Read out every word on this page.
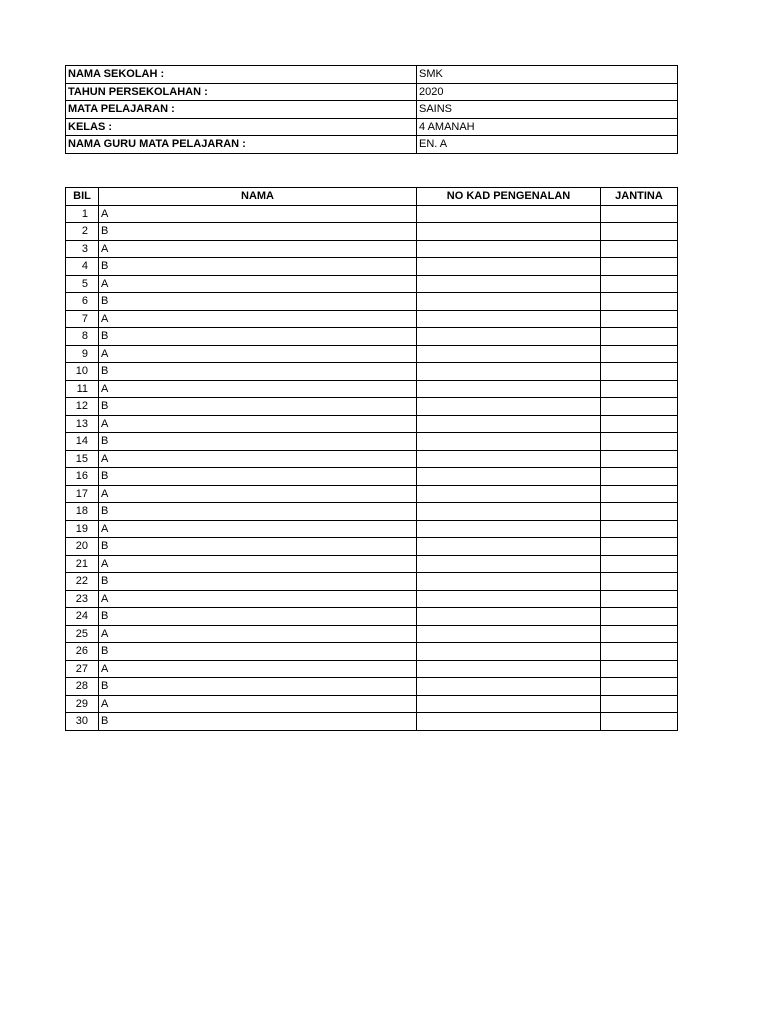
NAMA SEKOLAH :	SMK
TAHUN PERSEKOLAHAN :	2020
MATA PELAJARAN :	SAINS
KELAS :	4 AMANAH
NAMA GURU MATA PELAJARAN :	EN. A
BIL	NAMA	NO KAD PENGENALAN	JANTINA
1	A		
2	B		
3	A		
4	B		
5	A		
6	B		
7	A		
8	B		
9	A		
10	B		
11	A		
12	B		
13	A		
14	B		
15	A		
16	B		
17	A		
18	B		
19	A		
20	B		
21	A		
22	B		
23	A		
24	B		
25	A		
26	B		
27	A		
28	B		
29	A		
30	B		
